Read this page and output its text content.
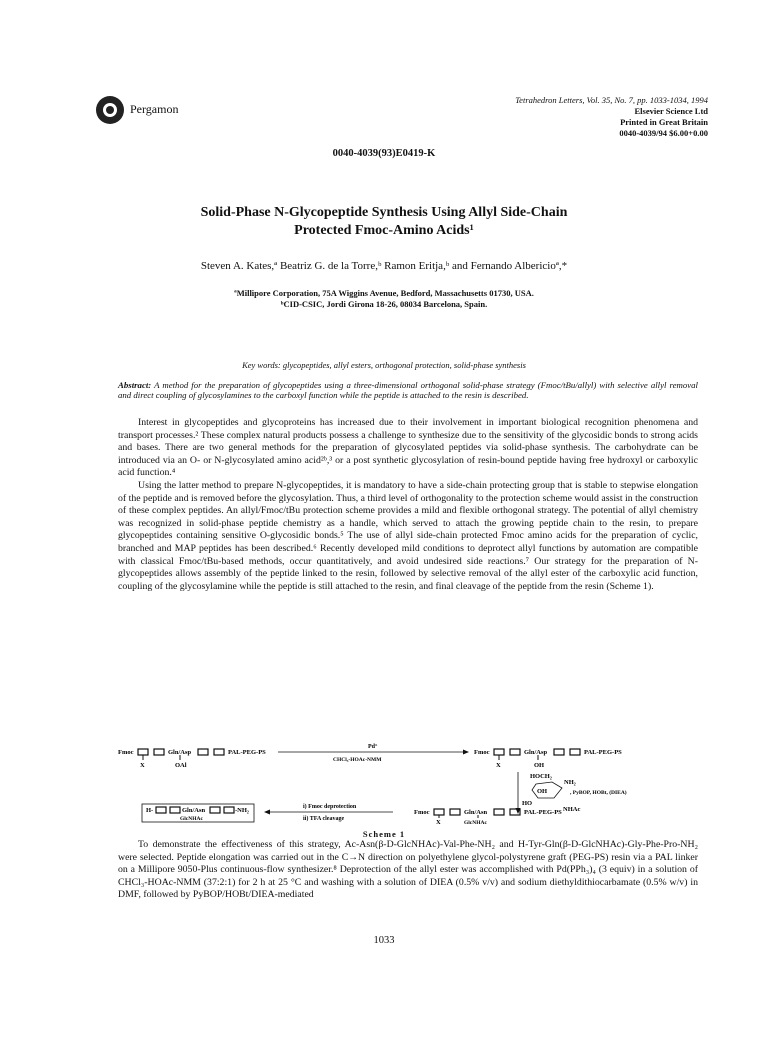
Pergamon
Tetrahedron Letters, Vol. 35, No. 7, pp. 1033-1034, 1994
Elsevier Science Ltd
Printed in Great Britain
0040-4039/94 $6.00+0.00
0040-4039(93)E0419-K
Solid-Phase N-Glycopeptide Synthesis Using Allyl Side-Chain
Protected Fmoc-Amino Acids¹
Steven A. Kates,ª Beatriz G. de la Torre,ᵇ Ramon Eritja,ᵇ and Fernando Albericioª,*
ªMillipore Corporation, 75A Wiggins Avenue, Bedford, Massachusetts 01730, USA.
ᵇCID-CSIC, Jordi Girona 18-26, 08034 Barcelona, Spain.
Key words: glycopeptides, allyl esters, orthogonal protection, solid-phase synthesis
Abstract: A method for the preparation of glycopeptides using a three-dimensional orthogonal solid-phase strategy (Fmoc/tBu/allyl) with selective allyl removal and direct coupling of glycosylamines to the carboxyl function while the peptide is attached to the resin is described.

Interest in glycopeptides and glycoproteins has increased due to their involvement in important biological recognition phenomena and transport processes.² These complex natural products possess a challenge to synthesize due to the sensitivity of the glycosidic bonds to strong acids and bases. There are two general methods for the preparation of glycosylated peptides via solid-phase synthesis. The carbohydrate can be introduced via an O- or N-glycosylated amino acid²ᵇ,³ or a post synthetic glycosylation of resin-bound peptide having free hydroxyl or carboxylic acid function.⁴

Using the latter method to prepare N-glycopeptides, it is mandatory to have a side-chain protecting group that is stable to stepwise elongation of the peptide and is removed before the glycosylation. Thus, a third level of orthogonality to the protection scheme would assist in the construction of these complex peptides. An allyl/Fmoc/tBu protection scheme provides a mild and flexible orthogonal strategy. The potential of allyl chemistry was recognized in solid-phase peptide chemistry as a handle, which served to attach the growing peptide chain to the resin, to prepare glycopeptides containing sensitive O-glycosidic bonds.⁵ The use of allyl side-chain protected Fmoc amino acids for the preparation of cyclic, branched and MAP peptides has been described.⁶ Recently developed mild conditions to deprotect allyl functions by automation are compatible with classical Fmoc/tBu-based methods, occur quantitatively, and avoid undesired side reactions.⁷ Our strategy for the preparation of N-glycopeptides allows assembly of the peptide linked to the resin, followed by selective removal of the allyl ester of the carboxylic acid function, coupling of the glycosylamine while the peptide is still attached to the resin, and final cleavage of the peptide from the resin (Scheme 1).

Fmoc	Gln/Asp	PAL-PEG-PS
X	OAl
Pd°
CHCl₃-HOAc-NMM
Fmoc	Gln/Asp	PAL-PEG-PS
X	OH
HOCH₂
NH₂
OH
HO
NHAc
, PyBOP, HOBt, (DIEA)
H-	Gln/Asn	-NH₂
GlcNHAc
i) Fmoc deprotection
ii) TFA cleavage
Fmoc	Gln/Asn	PAL-PEG-PS
X	GlcNHAc
Scheme 1

To demonstrate the effectiveness of this strategy, Ac-Asn(β-D-GlcNHAc)-Val-Phe-NH₂ and H-Tyr-Gln(β-D-GlcNHAc)-Gly-Phe-Pro-NH₂ were selected. Peptide elongation was carried out in the C→N direction on polyethylene glycol-polystyrene graft (PEG-PS) resin via a PAL linker on a Millipore 9050-Plus continuous-flow synthesizer.⁸ Deprotection of the allyl ester was accomplished with Pd(PPh₃)₄ (3 equiv) in a solution of CHCl₃-HOAc-NMM (37:2:1) for 2 h at 25 °C and washing with a solution of DIEA (0.5% v/v) and sodium diethyldithiocarbamate (0.5% w/v) in DMF, followed by PyBOP/HOBt/DIEA-mediated

1033
